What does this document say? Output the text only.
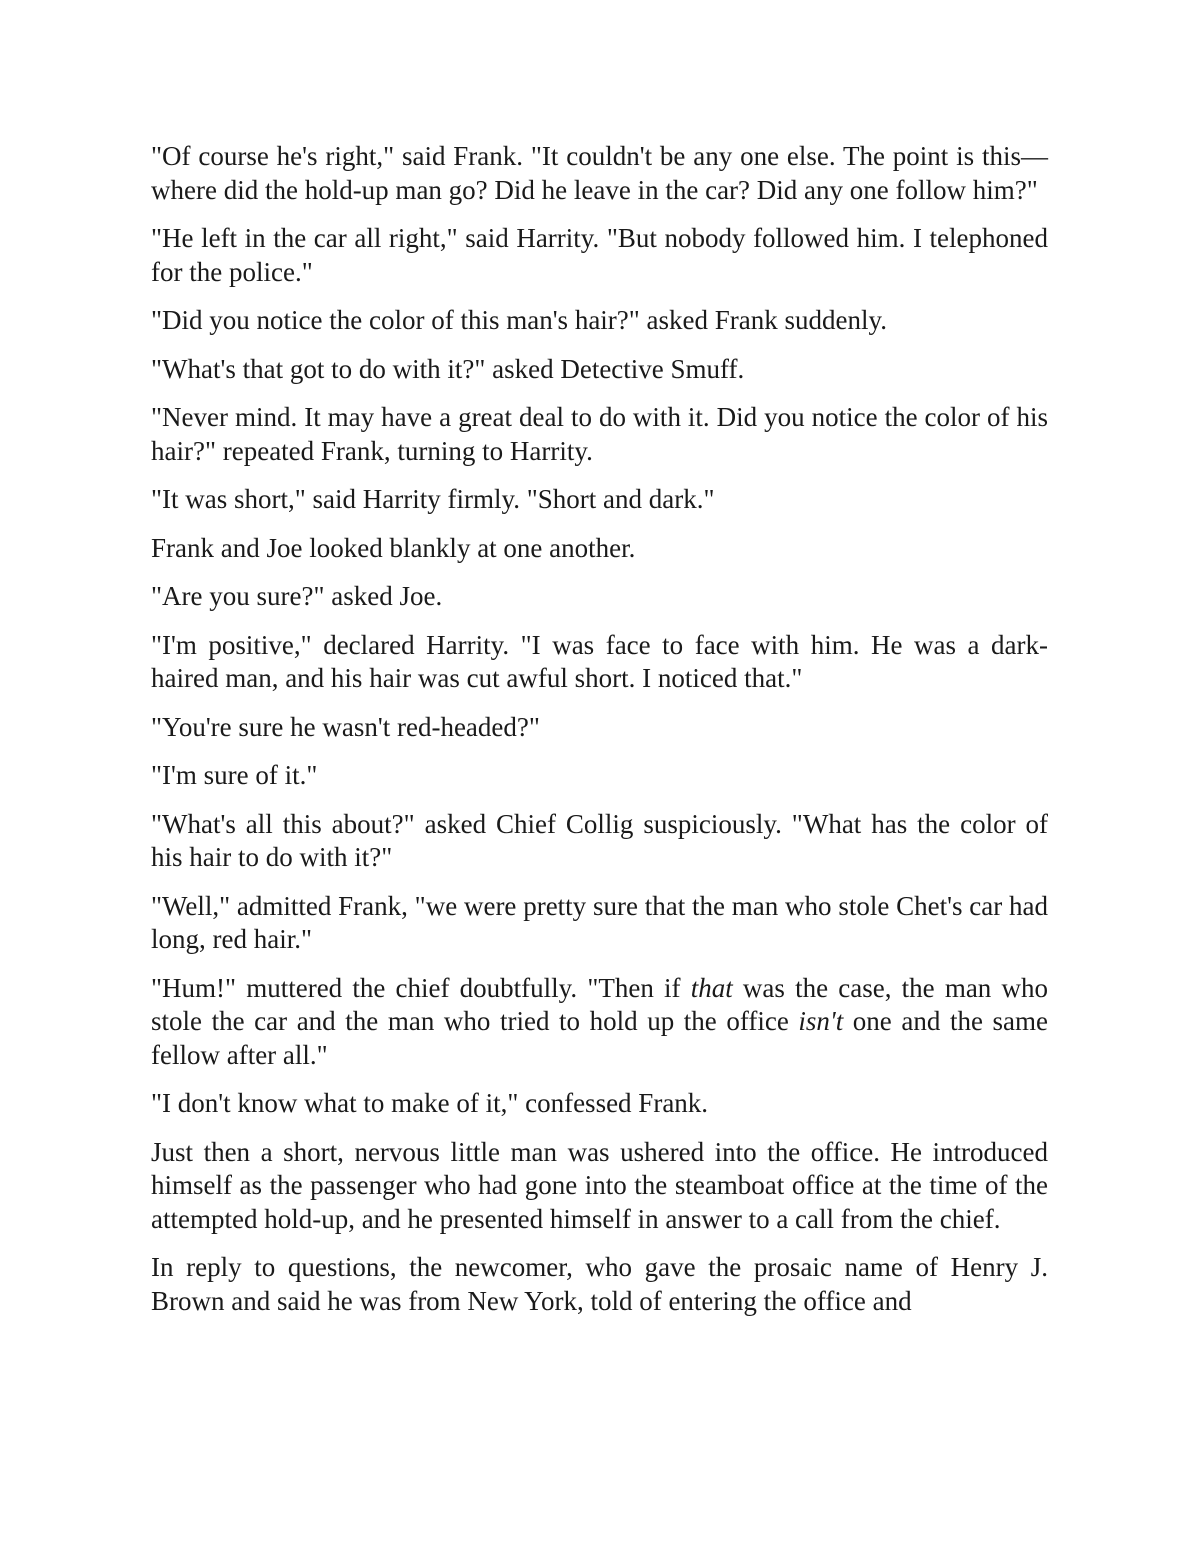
"Of course he's right," said Frank. "It couldn't be any one else. The point is this—where did the hold-up man go? Did he leave in the car? Did any one follow him?"

"He left in the car all right," said Harrity. "But nobody followed him. I telephoned for the police."

"Did you notice the color of this man's hair?" asked Frank suddenly.

"What's that got to do with it?" asked Detective Smuff.

"Never mind. It may have a great deal to do with it. Did you notice the color of his hair?" repeated Frank, turning to Harrity.

"It was short," said Harrity firmly. "Short and dark."

Frank and Joe looked blankly at one another.

"Are you sure?" asked Joe.

"I'm positive," declared Harrity. "I was face to face with him. He was a dark-haired man, and his hair was cut awful short. I noticed that."

"You're sure he wasn't red-headed?"

"I'm sure of it."

"What's all this about?" asked Chief Collig suspiciously. "What has the color of his hair to do with it?"

"Well," admitted Frank, "we were pretty sure that the man who stole Chet's car had long, red hair."

"Hum!" muttered the chief doubtfully. "Then if that was the case, the man who stole the car and the man who tried to hold up the office isn't one and the same fellow after all."

"I don't know what to make of it," confessed Frank.

Just then a short, nervous little man was ushered into the office. He introduced himself as the passenger who had gone into the steamboat office at the time of the attempted hold-up, and he presented himself in answer to a call from the chief.

In reply to questions, the newcomer, who gave the prosaic name of Henry J. Brown and said he was from New York, told of entering the office and
